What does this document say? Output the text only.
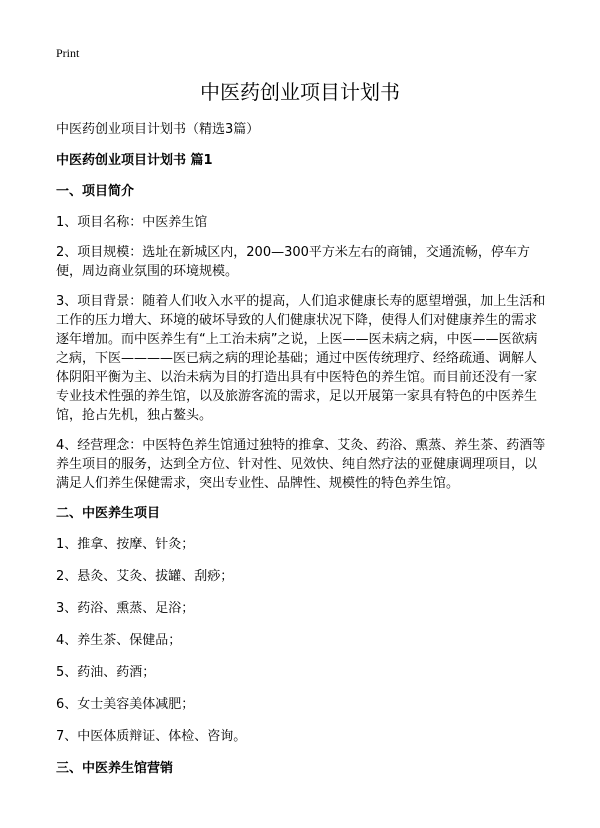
Print
中医药创业项目计划书
中医药创业项目计划书（精选3篇）
中医药创业项目计划书 篇1
一、项目简介

1、项目名称：中医养生馆

2、项目规模：选址在新城区内，200—300平方米左右的商铺，交通流畅，停车方便，周边商业氛围的环境规模。

3、项目背景：随着人们收入水平的提高，人们追求健康长寿的愿望增强，加上生活和工作的压力增大、环境的破坏导致的人们健康状况下降，使得人们对健康养生的需求逐年增加。而中医养生有“上工治未病”之说，上医——医未病之病，中医——医欲病之病，下医————医已病之病的理论基础；通过中医传统理疗、经络疏通、调解人体阴阳平衡为主、以治未病为目的打造出具有中医特色的养生馆。而目前还没有一家专业技术性强的养生馆，以及旅游客流的需求，足以开展第一家具有特色的中医养生馆，抢占先机，独占鳌头。

4、经营理念：中医特色养生馆通过独特的推拿、艾灸、药浴、熏蒸、养生茶、药酒等养生项目的服务，达到全方位、针对性、见效快、纯自然疗法的亚健康调理项目，以满足人们养生保健需求，突出专业性、品牌性、规模性的特色养生馆。

二、中医养生项目

1、推拿、按摩、针灸；

2、悬灸、艾灸、拔罐、刮痧；

3、药浴、熏蒸、足浴；

4、养生茶、保健品；

5、药油、药酒；

6、女士美容美体减肥；

7、中医体质辩证、体检、咨询。

三、中医养生馆营销
